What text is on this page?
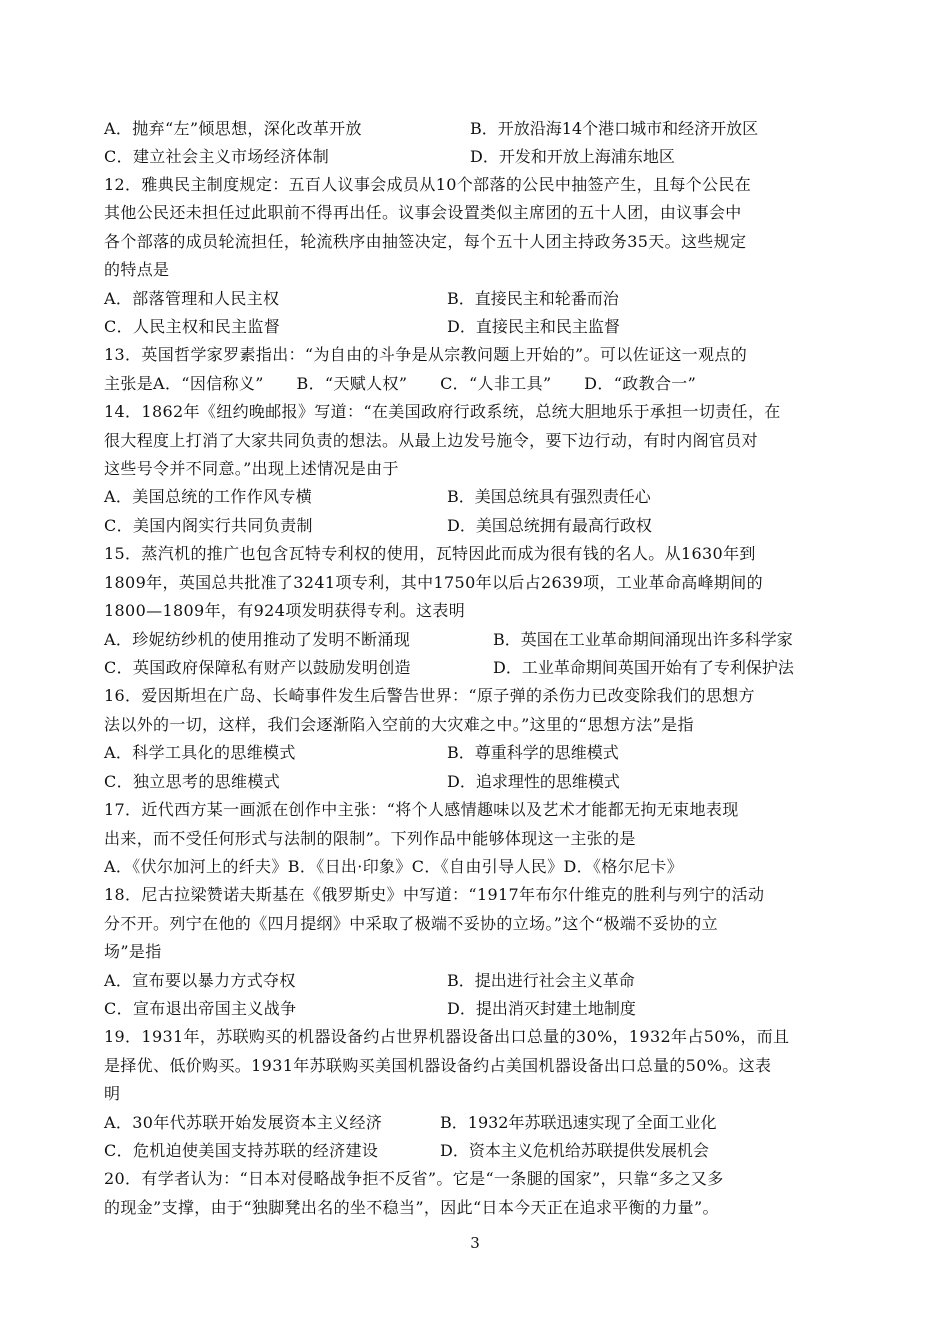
A．抛弃“左”倾思想，深化改革开放	B．开放沿海14个港口城市和经济开放区
C．建立社会主义市场经济体制	D．开发和开放上海浦东地区
12．雅典民主制度规定：五百人议事会成员从10个部落的公民中抽签产生，且每个公民在
其他公民还未担任过此职前不得再出任。议事会设置类似主席团的五十人团，由议事会中
各个部落的成员轮流担任，轮流秩序由抽签决定，每个五十人团主持政务35天。这些规定
的特点是
A．部落管理和人民主权	B．直接民主和轮番而治
C．人民主权和民主监督	D．直接民主和民主监督
13．英国哲学家罗素指出：“为自由的斗争是从宗教问题上开始的”。可以佐证这一观点的
主张是A．“因信称义”　　B．“天赋人权”　　C．“人非工具”　　D．“政教合一”
14．1862年《纽约晚邮报》写道：“在美国政府行政系统，总统大胆地乐于承担一切责任，在
很大程度上打消了大家共同负责的想法。从最上边发号施令，要下边行动，有时内阁官员对
这些号令并不同意。”出现上述情况是由于
A．美国总统的工作作风专横	B．美国总统具有强烈责任心
C．美国内阁实行共同负责制	D．美国总统拥有最高行政权
15．蒸汽机的推广也包含瓦特专利权的使用，瓦特因此而成为很有钱的名人。从1630年到
1809年，英国总共批准了3241项专利，其中1750年以后占2639项，工业革命高峰期间的
1800—1809年，有924项发明获得专利。这表明
A．珍妮纺纱机的使用推动了发明不断涌现	B．英国在工业革命期间涌现出许多科学家
C．英国政府保障私有财产以鼓励发明创造	D．工业革命期间英国开始有了专利保护法
16．爱因斯坦在广岛、长崎事件发生后警告世界：“原子弹的杀伤力已改变除我们的思想方
法以外的一切，这样，我们会逐渐陷入空前的大灾难之中。”这里的“思想方法”是指
A．科学工具化的思维模式	B．尊重科学的思维模式
C．独立思考的思维模式	D．追求理性的思维模式
17．近代西方某一画派在创作中主张：“将个人感情趣味以及艺术才能都无拘无束地表现
出来，而不受任何形式与法制的限制”。下列作品中能够体现这一主张的是
A．《伏尔加河上的纤夫》B．《日出·印象》C．《自由引导人民》D．《格尔尼卡》
18．尼古拉梁赞诺夫斯基在《俄罗斯史》中写道：“1917年布尔什维克的胜利与列宁的活动
分不开。列宁在他的《四月提纲》中采取了极端不妥协的立场。”这个“极端不妥协的立
场”是指
A．宣布要以暴力方式夺权	B．提出进行社会主义革命
C．宣布退出帝国主义战争	D．提出消灭封建土地制度
19．1931年，苏联购买的机器设备约占世界机器设备出口总量的30%，1932年占50%，而且
是择优、低价购买。1931年苏联购买美国机器设备约占美国机器设备出口总量的50%。这表
明
A．30年代苏联开始发展资本主义经济	B．1932年苏联迅速实现了全面工业化
C．危机迫使美国支持苏联的经济建设	D．资本主义危机给苏联提供发展机会
20．有学者认为：“日本对侵略战争拒不反省”。它是“一条腿的国家”，只靠“多之又多
的现金”支撑，由于“独脚凳出名的坐不稳当”，因此“日本今天正在追求平衡的力量”。
3
